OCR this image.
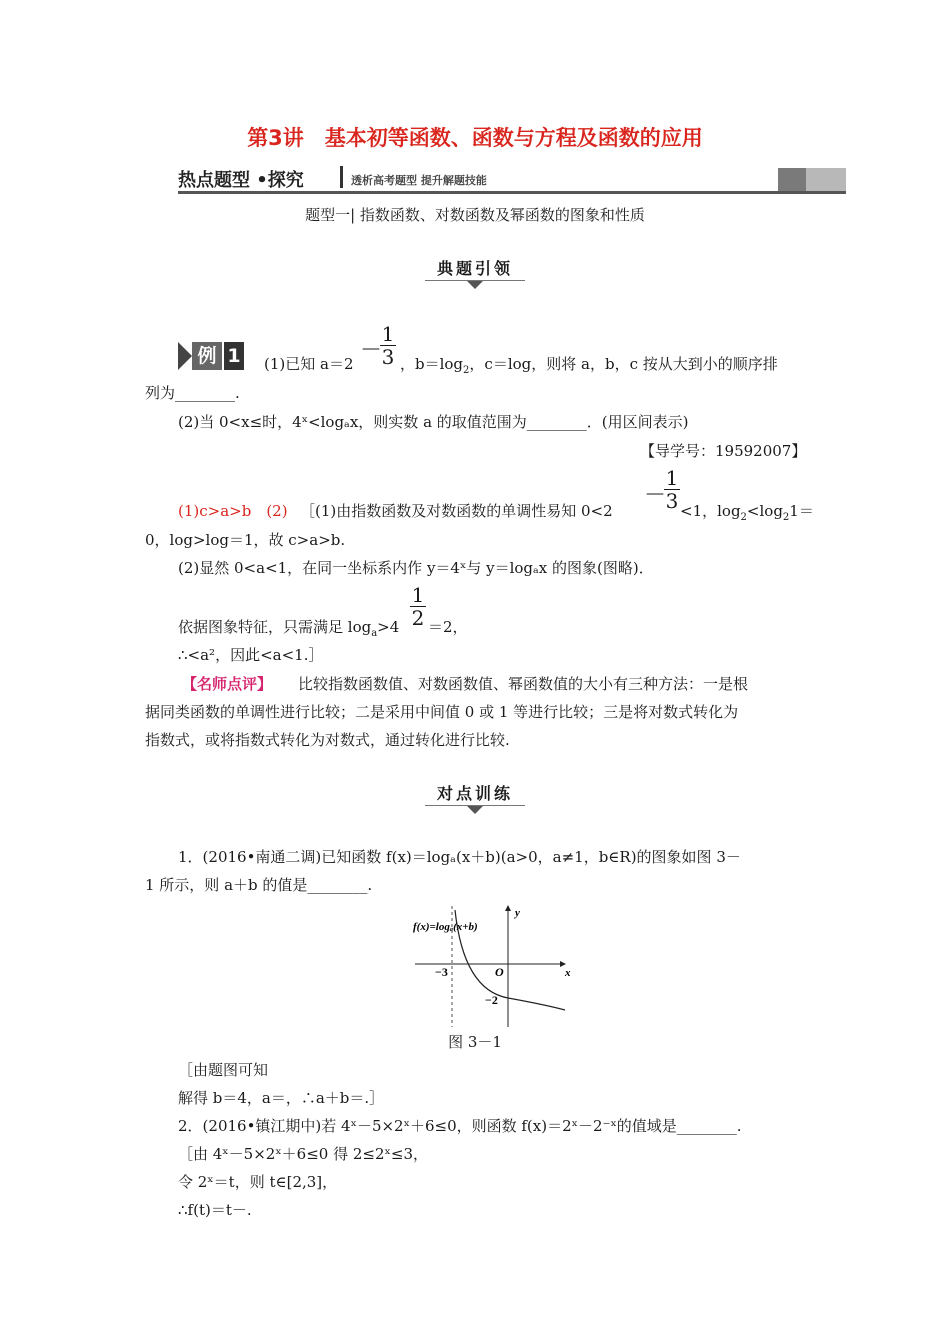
第3讲　基本初等函数、函数与方程及函数的应用
热点题型 •探究	透析高考题型 提升解题技能
题型一| 指数函数、对数函数及幂函数的图象和性质
典题引领
例 1 (1)已知 a＝2
－
$\frac{1}{3}$ ，$b=\log_2$，c＝log，则将 a，b，c 按从大到小的顺序排
列为________.
(2)当 0<x≤时，4ˣ<logₐx，则实数 a 的取值范围为________．(用区间表示)
【导学号：19592007】
(1)c>a>b　(2) ［(1)由指数函数及对数函数的单调性易知 0<2
－
$\frac{1}{3} <1$，$\log_2<\log_21=$
0，log>log＝1，故 c>a>b.
(2)显然 0<a<1，在同一坐标系内作 y＝4ˣ与 y＝logₐx 的图象(图略)．
依据图象特征，只需满足 $\log_a>4 \frac{1}{2} =2$，
∴<a²，因此<a<1.］
【名师点评】 比较指数函数值、对数函数值、幂函数值的大小有三种方法：一是根
据同类函数的单调性进行比较；二是采用中间值 0 或 1 等进行比较；三是将对数式转化为
指数式，或将指数式转化为对数式，通过转化进行比较.
对点训练
1．(2016•南通二调)已知函数 f(x)＝logₐ(x＋b)(a>0，a≠1，b∈R)的图象如图 3－
1 所示，则 a＋b 的值是________.
f(x)=logₐ(x+b)
y
x
O
−3
−2
图 3－1
［由题图可知
解得 b＝4，a＝，∴a＋b＝.］
2．(2016•镇江期中)若 4ˣ－5×2ˣ＋6≤0，则函数 f(x)＝2ˣ－2⁻ˣ的值域是________.
［由 4ˣ－5×2ˣ＋6≤0 得 2≤2ˣ≤3，
令 2ˣ＝t，则 t∈[2,3]，
∴f(t)＝t－.
